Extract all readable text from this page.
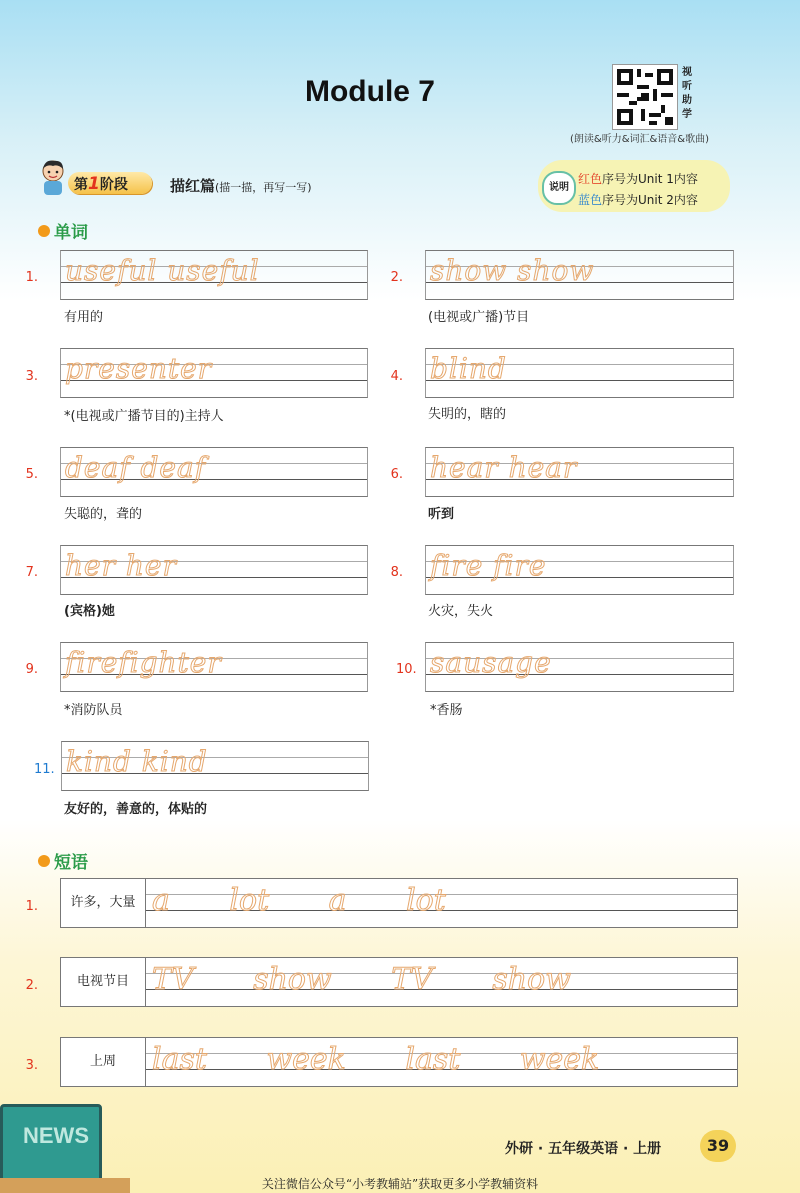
Module 7
视
听
助
学
(朗读&听力&词汇&语音&歌曲)
第1阶段	描红篇(描一描，再写一写)	说明
红色序号为Unit 1内容
蓝色序号为Unit 2内容
单词
1. useful useful
有用的
2. show show
(电视或广播)节目
3. presenter
*(电视或广播节目的)主持人
4. blind
失明的，瞎的
5. deaf deaf
失聪的，聋的
6. hear hear
听到
7. her her
(宾格)她
8. fire fire
火灾，失火
9. firefighter
*消防队员
10. sausage
*香肠
11. kind kind
友好的，善意的，体贴的
短语
1.	许多，大量 a lot a lot
2.	电视节目 TV show TV show
3.	上周	last week last week
NEWS
外研 · 五年级英语 · 上册	39
关注微信公众号“小考教辅站”获取更多小学教辅资料
